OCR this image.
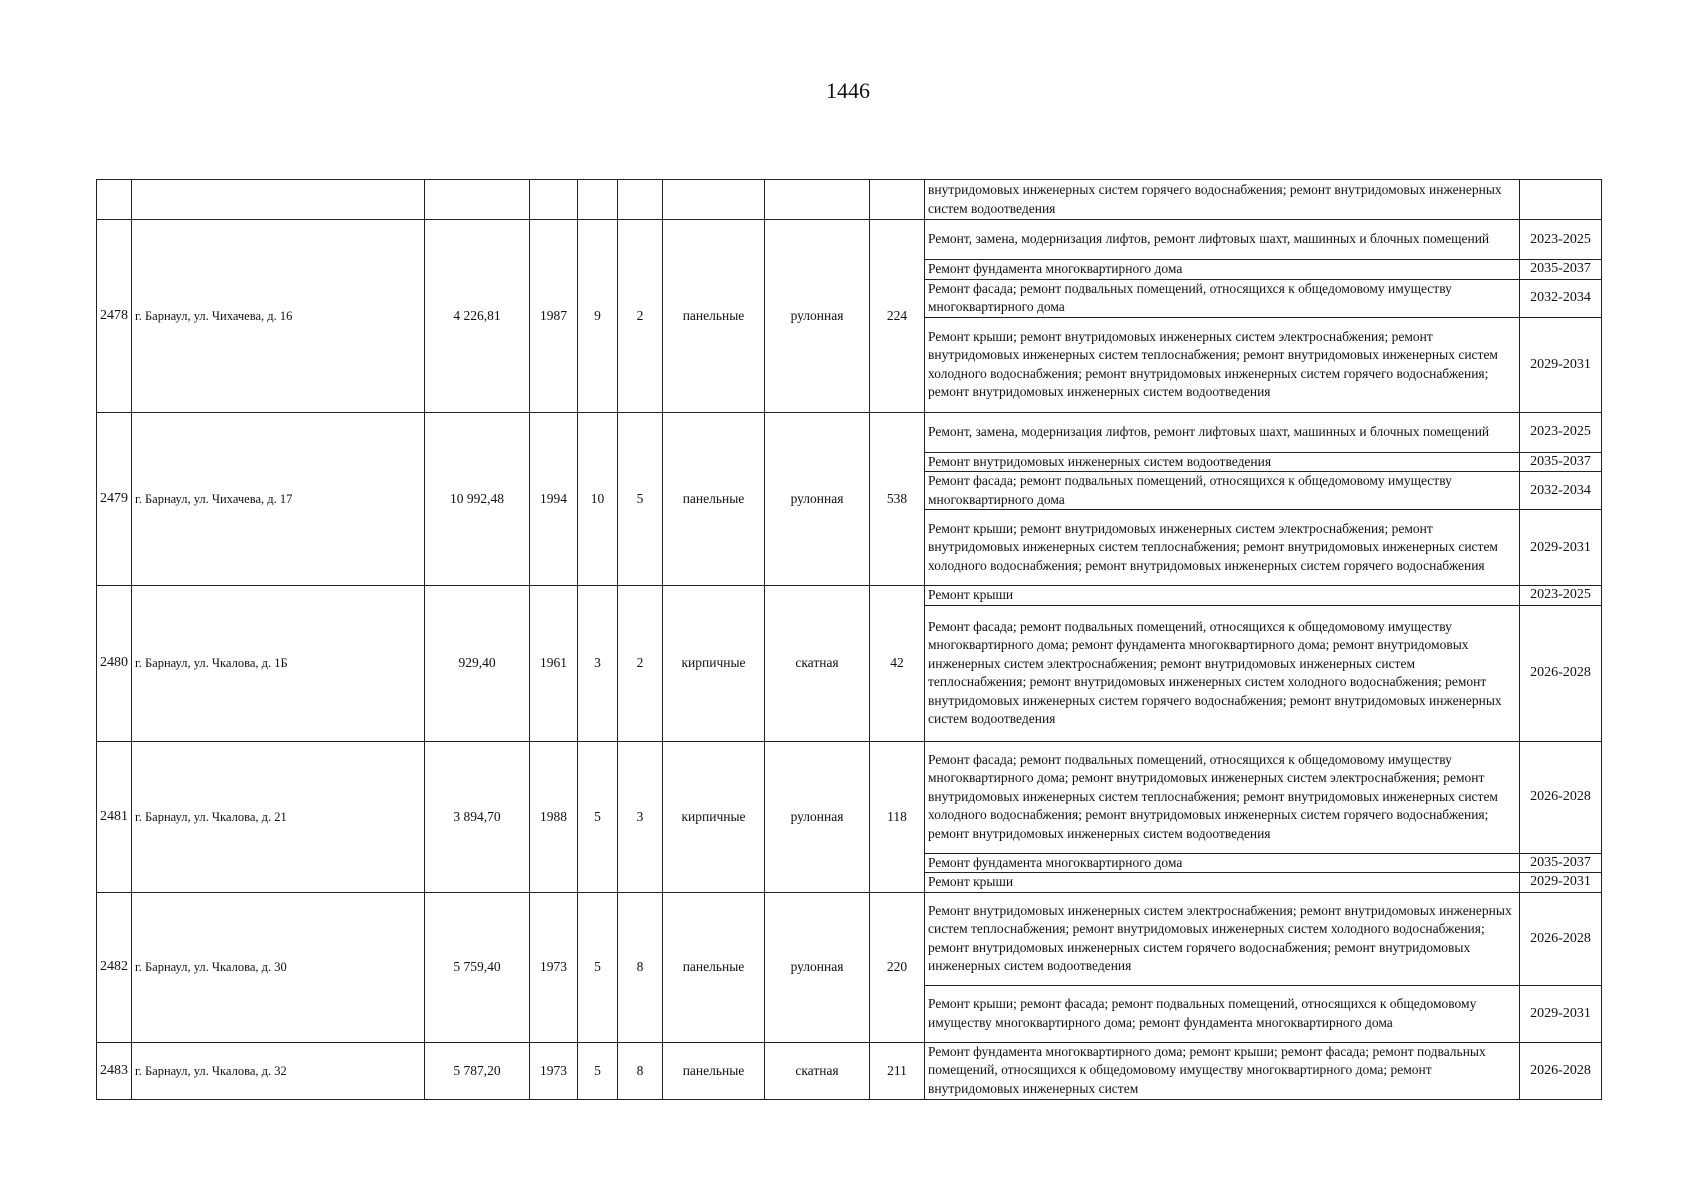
1446
									внутридомовых инженерных систем горячего водоснабжения; ремонт внутридомовых инженерных систем водоотведения	
2478	г. Барнаул, ул. Чихачева, д. 16	4 226,81	1987	9	2	панельные	рулонная	224	Ремонт, замена, модернизация лифтов, ремонт лифтовых шахт, машинных и блочных помещений	2023-2025
									Ремонт фундамента многоквартирного дома	2035-2037
									Ремонт фасада; ремонт подвальных помещений, относящихся к общедомовому имуществу многоквартирного дома	2032-2034
									Ремонт крыши; ремонт внутридомовых инженерных систем электроснабжения; ремонт внутридомовых инженерных систем теплоснабжения; ремонт внутридомовых инженерных систем холодного водоснабжения; ремонт внутридомовых инженерных систем горячего водоснабжения; ремонт внутридомовых инженерных систем водоотведения	2029-2031
2479	г. Барнаул, ул. Чихачева, д. 17	10 992,48	1994	10	5	панельные	рулонная	538	Ремонт, замена, модернизация лифтов, ремонт лифтовых шахт, машинных и блочных помещений	2023-2025
									Ремонт внутридомовых инженерных систем водоотведения	2035-2037
									Ремонт фасада; ремонт подвальных помещений, относящихся к общедомовому имуществу многоквартирного дома	2032-2034
									Ремонт крыши; ремонт внутридомовых инженерных систем электроснабжения; ремонт внутридомовых инженерных систем теплоснабжения; ремонт внутридомовых инженерных систем холодного водоснабжения; ремонт внутридомовых инженерных систем горячего водоснабжения	2029-2031
2480	г. Барнаул, ул. Чкалова, д. 1Б	929,40	1961	3	2	кирпичные	скатная	42	Ремонт крыши	2023-2025
									Ремонт фасада; ремонт подвальных помещений, относящихся к общедомовому имуществу многоквартирного дома; ремонт фундамента многоквартирного дома; ремонт внутридомовых инженерных систем электроснабжения; ремонт внутридомовых инженерных систем теплоснабжения; ремонт внутридомовых инженерных систем холодного водоснабжения; ремонт внутридомовых инженерных систем горячего водоснабжения; ремонт внутридомовых инженерных систем водоотведения	2026-2028
2481	г. Барнаул, ул. Чкалова, д. 21	3 894,70	1988	5	3	кирпичные	рулонная	118	Ремонт фасада; ремонт подвальных помещений, относящихся к общедомовому имуществу многоквартирного дома; ремонт внутридомовых инженерных систем электроснабжения; ремонт внутридомовых инженерных систем теплоснабжения; ремонт внутридомовых инженерных систем холодного водоснабжения; ремонт внутридомовых инженерных систем горячего водоснабжения; ремонт внутридомовых инженерных систем водоотведения	2026-2028
									Ремонт фундамента многоквартирного дома	2035-2037
									Ремонт крыши	2029-2031
2482	г. Барнаул, ул. Чкалова, д. 30	5 759,40	1973	5	8	панельные	рулонная	220	Ремонт внутридомовых инженерных систем электроснабжения; ремонт внутридомовых инженерных систем теплоснабжения; ремонт внутридомовых инженерных систем холодного водоснабжения; ремонт внутридомовых инженерных систем горячего водоснабжения; ремонт внутридомовых инженерных систем водоотведения	2026-2028
									Ремонт крыши; ремонт фасада; ремонт подвальных помещений, относящихся к общедомовому имуществу многоквартирного дома; ремонт фундамента многоквартирного дома	2029-2031
2483	г. Барнаул, ул. Чкалова, д. 32	5 787,20	1973	5	8	панельные	скатная	211	Ремонт фундамента многоквартирного дома; ремонт крыши; ремонт фасада; ремонт подвальных помещений, относящихся к общедомовому имуществу многоквартирного дома; ремонт внутридомовых инженерных систем	2026-2028
